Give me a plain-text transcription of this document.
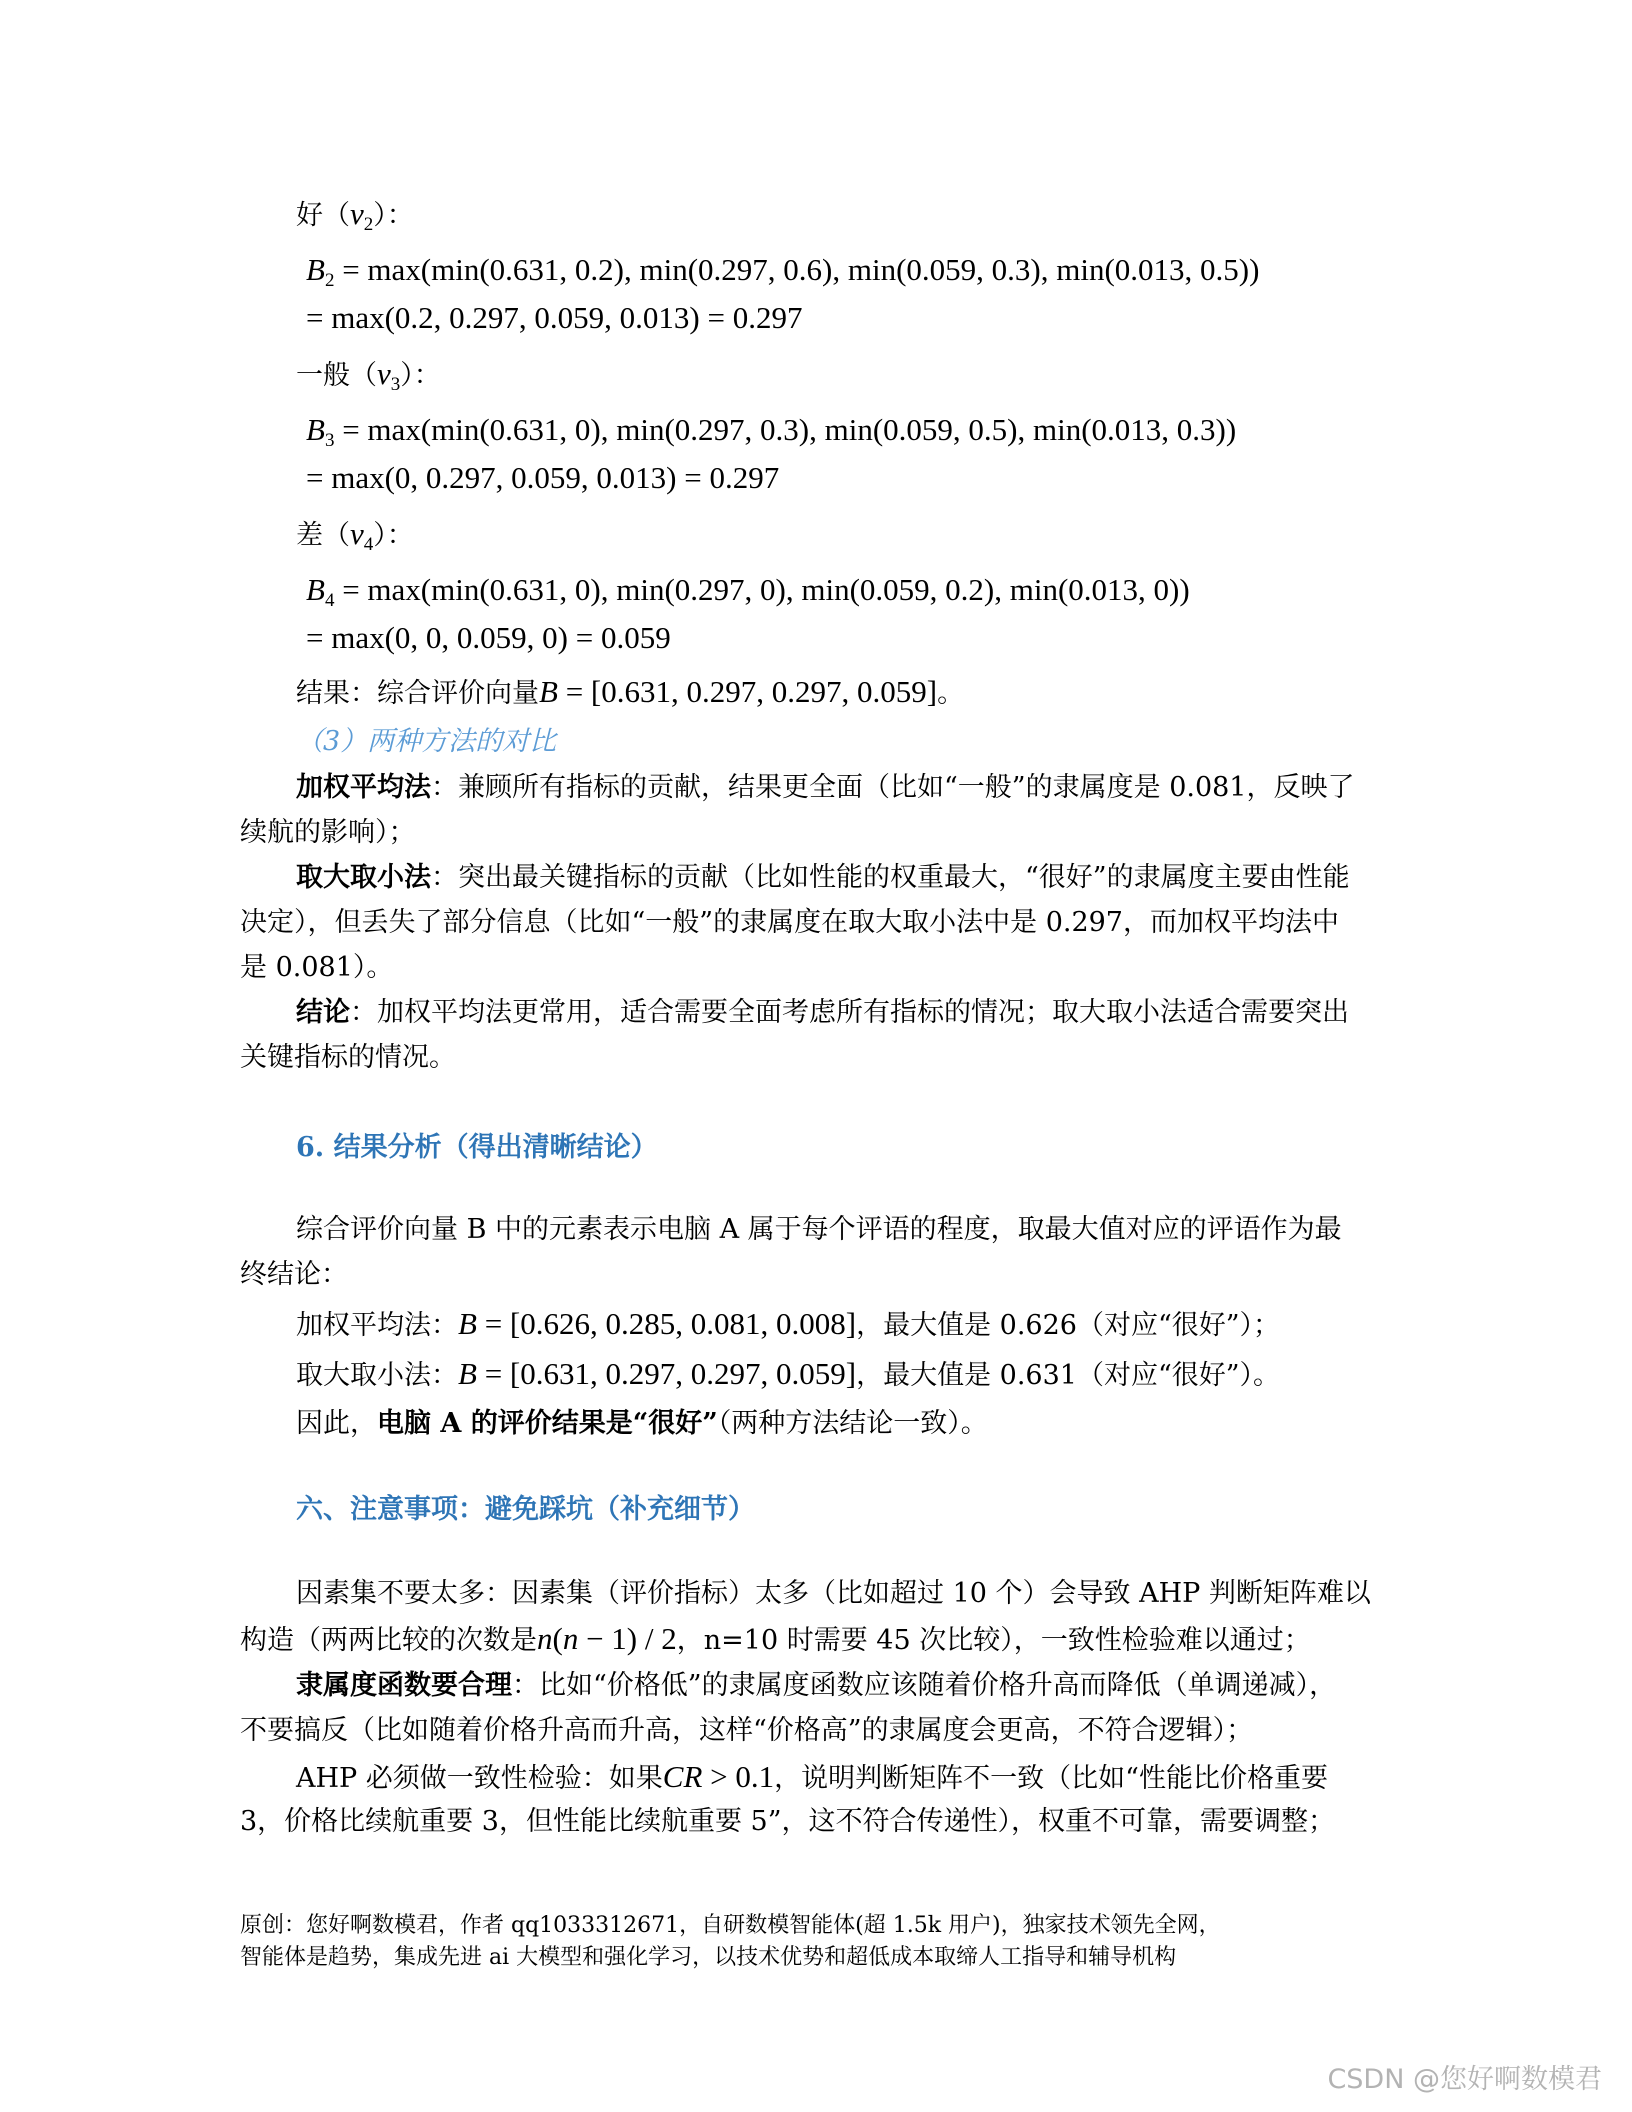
好$(v_2)$：
$B_2 = \max(\min(0.631$, 0.2), min(0.297, 0.6), min(0.059, 0.3), min(0.013, 0.5))
= max(0.2, 0.297, 0.059, 0.013) = 0.297
一般$(v_3)$：
$B_3 = \max(\min(0.631$, 0), min(0.297, 0.3), min(0.059, 0.5), min(0.013, 0.3))
= max(0, 0.297, 0.059, 0.013) = 0.297
差$(v_4)$：
$B_4 = \max(\min(0.631$, 0), min(0.297, 0), min(0.059, 0.2), min(0.013, 0))
= max(0, 0, 0.059, 0) = 0.059
结果：综合评价向量B = [0.631, 0.297, 0.297, 0.059]。
（3）两种方法的对比
加权平均法：兼顾所有指标的贡献，结果更全面（比如“一般”的隶属度是 0.081，反映了
续航的影响）；
取大取小法：突出最关键指标的贡献（比如性能的权重最大，“很好”的隶属度主要由性能
决定），但丢失了部分信息（比如“一般”的隶属度在取大取小法中是 0.297，而加权平均法中
是 0.081）。
结论：加权平均法更常用，适合需要全面考虑所有指标的情况；取大取小法适合需要突出
关键指标的情况。
6. 结果分析（得出清晰结论）
综合评价向量 B 中的元素表示电脑 A 属于每个评语的程度，取最大值对应的评语作为最
终结论：
加权平均法：B = [0.626, 0.285, 0.081, 0.008]，最大值是 0.626（对应“很好”）；
取大取小法：B = [0.631, 0.297, 0.297, 0.059]，最大值是 0.631（对应“很好”）。
因此，电脑 A 的评价结果是“很好”（两种方法结论一致）。
六、注意事项：避免踩坑（补充细节）
因素集不要太多：因素集（评价指标）太多（比如超过 10 个）会导致 AHP 判断矩阵难以
构造（两两比较的次数是n(n − 1) / 2，n=10 时需要 45 次比较），一致性检验难以通过；
隶属度函数要合理：比如“价格低”的隶属度函数应该随着价格升高而降低（单调递减），
不要搞反（比如随着价格升高而升高，这样“价格高”的隶属度会更高，不符合逻辑）；
AHP 必须做一致性检验：如果CR > 0.1，说明判断矩阵不一致（比如“性能比价格重要
3，价格比续航重要 3，但性能比续航重要 5”，这不符合传递性），权重不可靠，需要调整；
原创：您好啊数模君，作者 qq1033312671，自研数模智能体(超 1.5k 用户)，独家技术领先全网，
智能体是趋势，集成先进 ai 大模型和强化学习，以技术优势和超低成本取缔人工指导和辅导机构
CSDN @您好啊数模君
